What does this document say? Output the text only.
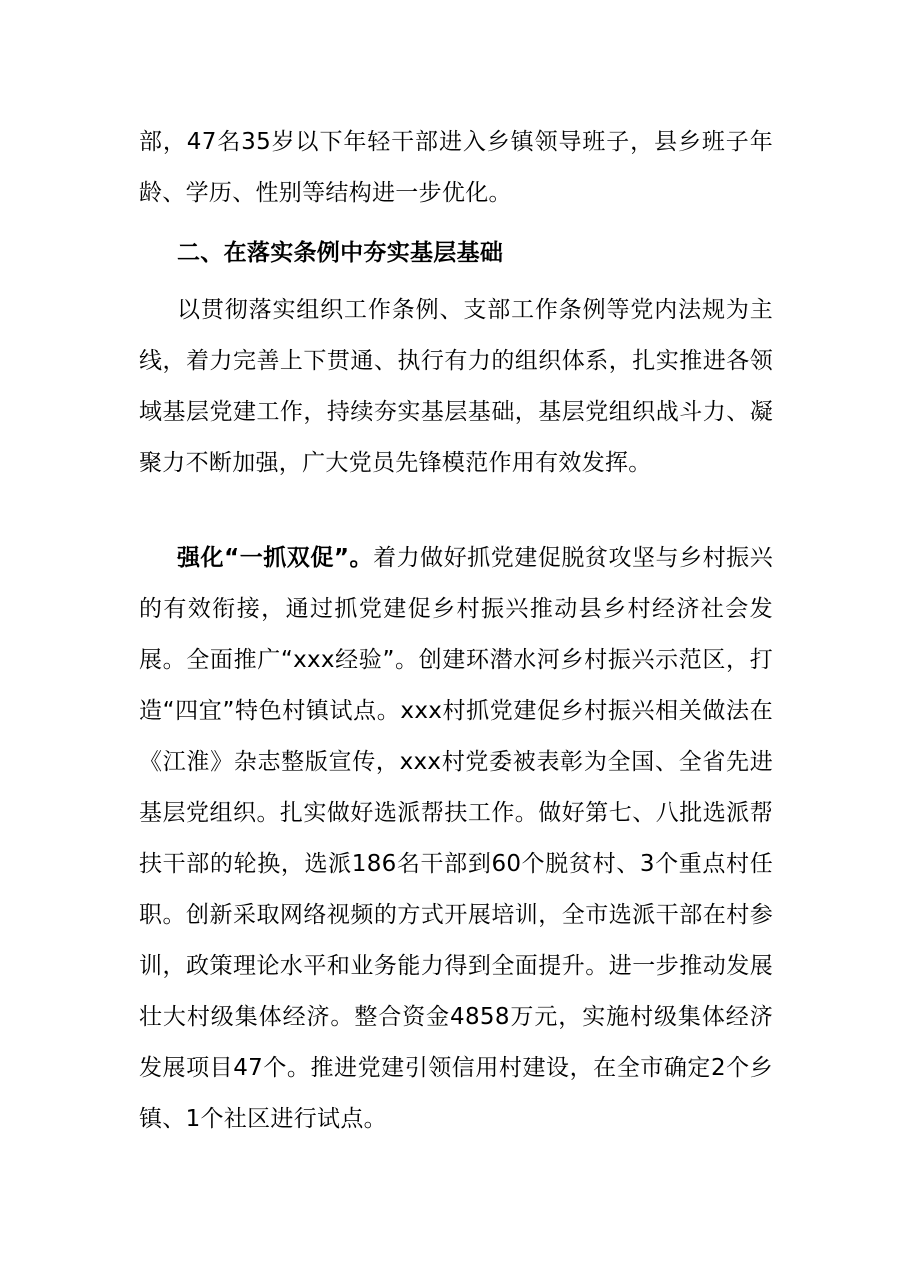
部，47名35岁以下年轻干部进入乡镇领导班子，县乡班子年龄、学历、性别等结构进一步优化。

二、在落实条例中夯实基层基础

以贯彻落实组织工作条例、支部工作条例等党内法规为主线，着力完善上下贯通、执行有力的组织体系，扎实推进各领域基层党建工作，持续夯实基层基础，基层党组织战斗力、凝聚力不断加强，广大党员先锋模范作用有效发挥。

强化“一抓双促”。着力做好抓党建促脱贫攻坚与乡村振兴的有效衔接，通过抓党建促乡村振兴推动县乡村经济社会发展。全面推广“xxx经验”。创建环潜水河乡村振兴示范区，打造“四宜”特色村镇试点。xxx村抓党建促乡村振兴相关做法在《江淮》杂志整版宣传，xxx村党委被表彰为全国、全省先进基层党组织。扎实做好选派帮扶工作。做好第七、八批选派帮扶干部的轮换，选派186名干部到60个脱贫村、3个重点村任职。创新采取网络视频的方式开展培训，全市选派干部在村参训，政策理论水平和业务能力得到全面提升。进一步推动发展壮大村级集体经济。整合资金4858万元，实施村级集体经济发展项目47个。推进党建引领信用村建设，在全市确定2个乡镇、1个社区进行试点。
